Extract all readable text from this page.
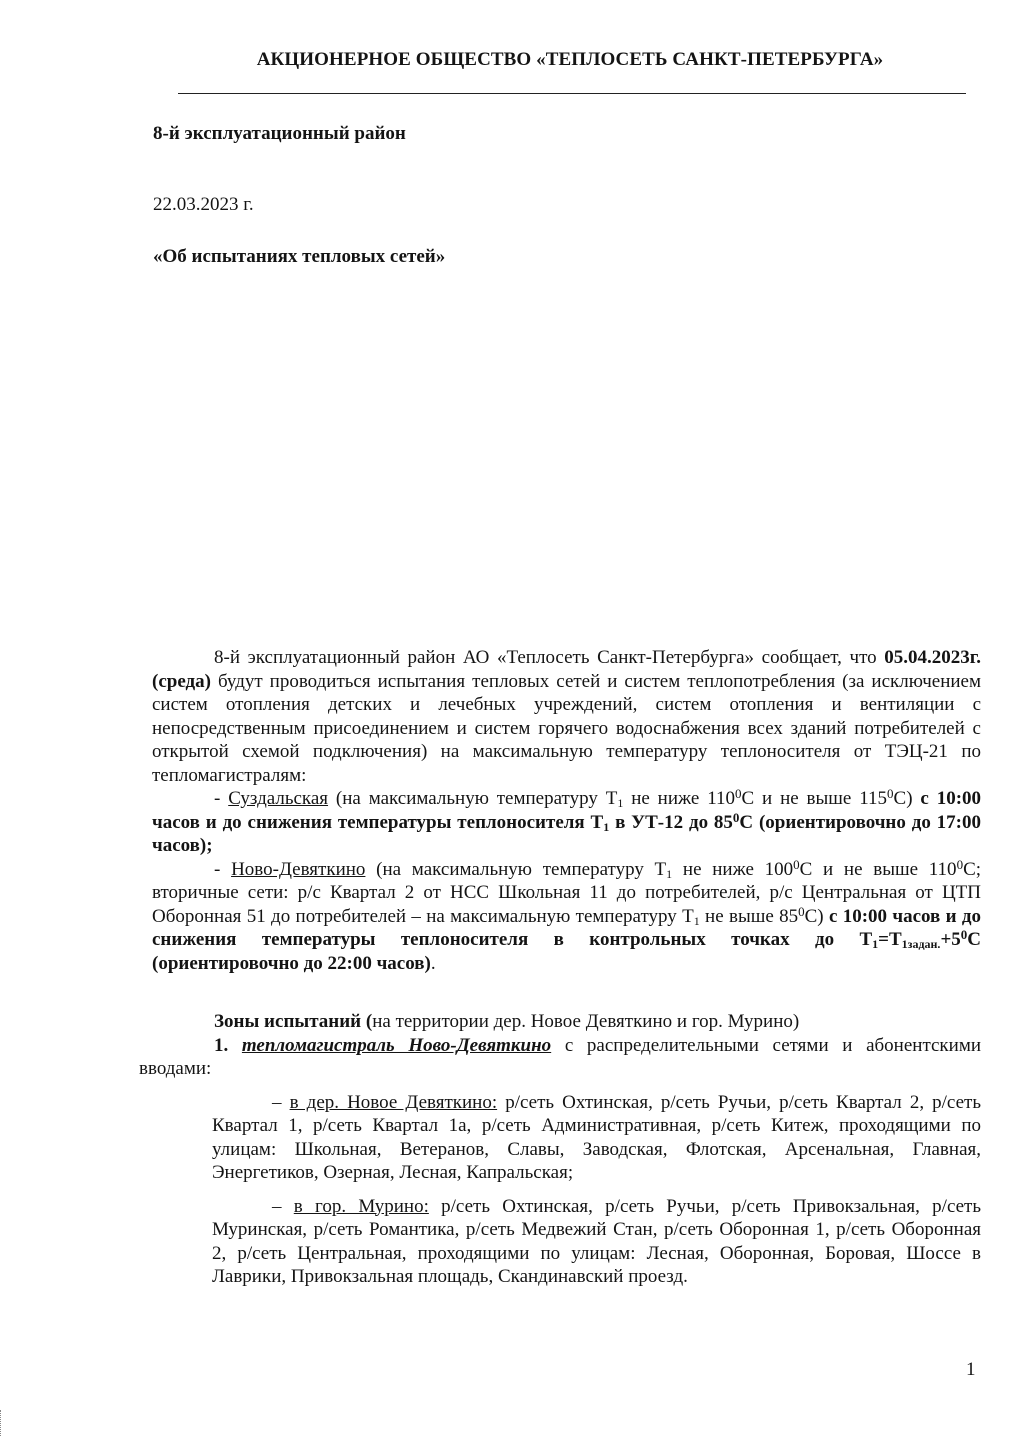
АКЦИОНЕРНОЕ ОБЩЕСТВО «ТЕПЛОСЕТЬ САНКТ-ПЕТЕРБУРГА»
8-й эксплуатационный район
22.03.2023 г.
«Об испытаниях тепловых сетей»

8-й эксплуатационный район АО «Теплосеть Санкт-Петербурга» сообщает, что 05.04.2023г. (среда) будут проводиться испытания тепловых сетей и систем теплопотребления (за исключением систем отопления детских и лечебных учреждений, систем отопления и вентиляции с непосредственным присоединением и систем горячего водоснабжения всех зданий потребителей с открытой схемой подключения) на максимальную температуру теплоносителя от ТЭЦ-21 по тепломагистралям:

- Суздальская (на максимальную температуру $Т_1$ не ниже $110^0С$ и не выше $115^0С$) с 10:00 часов и до снижения температуры теплоносителя $Т_1$ в УТ-12 до $85^0С$ (ориентировочно до 17:00 часов);

- Ново-Девяткино (на максимальную температуру $Т_1$ не ниже $100^0С$ и не выше $110^0С$; вторичные сети: р/с Квартал 2 от НСС Школьная 11 до потребителей, р/с Центральная от ЦТП Оборонная 51 до потребителей – на максимальную температуру $Т_1$ не выше $85^0С$) с 10:00 часов и до снижения температуры теплоносителя в контрольных точках до $Т_1=Т_{1задан.}+5^0С$ (ориентировочно до 22:00 часов).

Зоны испытаний (на территории дер. Новое Девяткино и гор. Мурино)

1. тепломагистраль Ново-Девяткино с распределительными сетями и абонентскими вводами:

– в дер. Новое Девяткино: р/сеть Охтинская, р/сеть Ручьи, р/сеть Квартал 2, р/сеть Квартал 1, р/сеть Квартал 1а, р/сеть Административная, р/сеть Китеж, проходящими по улицам: Школьная, Ветеранов, Славы, Заводская, Флотская, Арсенальная, Главная, Энергетиков, Озерная, Лесная, Капральская;

– в гор. Мурино: р/сеть Охтинская, р/сеть Ручьи, р/сеть Привокзальная, р/сеть Муринская, р/сеть Романтика, р/сеть Медвежий Стан, р/сеть Оборонная 1, р/сеть Оборонная 2, р/сеть Центральная, проходящими по улицам: Лесная, Оборонная, Боровая, Шоссе в Лаврики, Привокзальная площадь, Скандинавский проезд.

1
